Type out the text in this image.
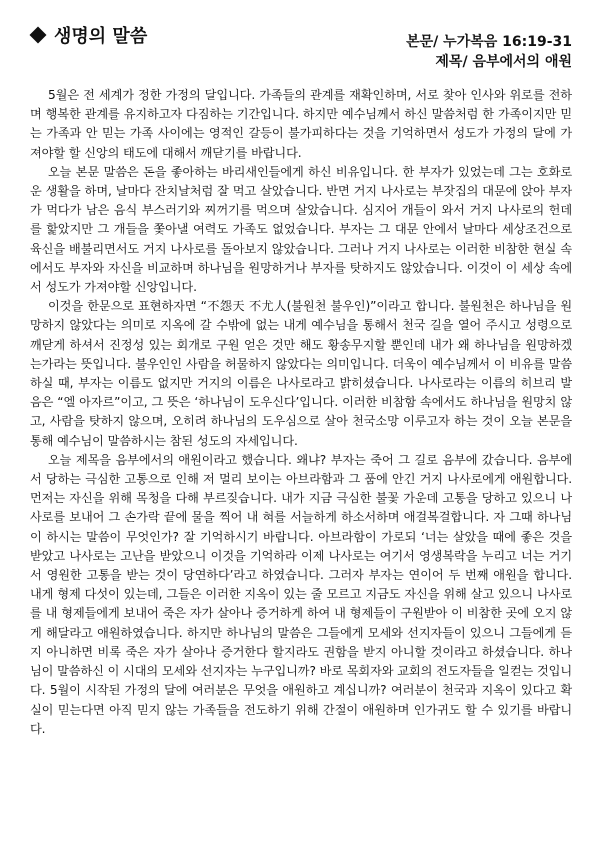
생명의 말씀	본문/ 누가복음 16:19-31
제목/ 음부에서의 애원

5월은 전 세계가 정한 가정의 달입니다. 가족들의 관계를 재확인하며, 서로 찾아 인사와 위로를 전하며 행복한 관계를 유지하고자 다짐하는 기간입니다. 하지만 예수님께서 하신 말씀처럼 한 가족이지만 믿는 가족과 안 믿는 가족 사이에는 영적인 갈등이 불가피하다는 것을 기억하면서 성도가 가정의 달에 가져야할 할 신앙의 태도에 대해서 깨닫기를 바랍니다.

오늘 본문 말씀은 돈을 좋아하는 바리새인들에게 하신 비유입니다. 한 부자가 있었는데 그는 호화로운 생활을 하며, 날마다 잔치날처럼 잘 먹고 살았습니다. 반면 거지 나사로는 부잣집의 대문에 앉아 부자가 먹다가 남은 음식 부스러기와 찌꺼기를 먹으며 살았습니다. 심지어 개들이 와서 거지 나사로의 헌데를 핥았지만 그 개들을 쫓아낼 여력도 가족도 없었습니다. 부자는 그 대문 안에서 날마다 세상조건으로 육신을 배불리면서도 거지 나사로를 돌아보지 않았습니다. 그러나 거지 나사로는 이러한 비참한 현실 속에서도 부자와 자신을 비교하며 하나님을 원망하거나 부자를 탓하지도 않았습니다. 이것이 이 세상 속에서 성도가 가져야할 신앙입니다.

이것을 한문으로 표현하자면 “不怨天 不尤人(불원천 불우인)”이라고 합니다. 불원천은 하나님을 원망하지 않았다는 의미로 지옥에 갈 수밖에 없는 내게 예수님을 통해서 천국 길을 열어 주시고 성령으로 깨닫게 하셔서 진정성 있는 회개로 구원 얻은 것만 해도 황송무지할 뿐인데 내가 왜 하나님을 원망하겠는가라는 뜻입니다. 불우인인 사람을 허물하지 않았다는 의미입니다. 더욱이 예수님께서 이 비유를 말씀하실 때, 부자는 이름도 없지만 거지의 이름은 나사로라고 밝히셨습니다. 나사로라는 이름의 히브리 발음은 “엘 아자르”이고, 그 뜻은 ‘하나님이 도우신다’입니다. 이러한 비참함 속에서도 하나님을 원망치 않고, 사람을 탓하지 않으며, 오히려 하나님의 도우심으로 살아 천국소망 이루고자 하는 것이 오늘 본문을 통해 예수님이 말씀하시는 참된 성도의 자세입니다.

오늘 제목을 음부에서의 애원이라고 했습니다. 왜냐? 부자는 죽어 그 길로 음부에 갔습니다. 음부에서 당하는 극심한 고통으로 인해 저 멀리 보이는 아브라함과 그 품에 안긴 거지 나사로에게 애원합니다. 먼저는 자신을 위해 목청을 다해 부르짖습니다. 내가 지금 극심한 불꽃 가운데 고통을 당하고 있으니 나사로를 보내어 그 손가락 끝에 물을 찍어 내 혀를 서늘하게 하소서하며 애걸복걸합니다. 자 그때 하나님이 하시는 말씀이 무엇인가? 잘 기억하시기 바랍니다. 아브라함이 가로되 ‘너는 살았을 때에 좋은 것을 받았고 나사로는 고난을 받았으니 이것을 기억하라 이제 나사로는 여기서 영생복락을 누리고 너는 거기서 영원한 고통을 받는 것이 당연하다’라고 하였습니다. 그러자 부자는 연이어 두 번째 애원을 합니다. 내게 형제 다섯이 있는데, 그들은 이러한 지옥이 있는 줄 모르고 지금도 자신을 위해 살고 있으니 나사로를 내 형제들에게 보내어 죽은 자가 살아나 증거하게 하여 내 형제들이 구원받아 이 비참한 곳에 오지 않게 해달라고 애원하였습니다. 하지만 하나님의 말씀은 그들에게 모세와 선지자들이 있으니 그들에게 듣지 아니하면 비록 죽은 자가 살아나 증거한다 할지라도 권함을 받지 아니할 것이라고 하셨습니다. 하나님이 말씀하신 이 시대의 모세와 선지자는 누구입니까? 바로 목회자와 교회의 전도자들을 일컫는 것입니다. 5월이 시작된 가정의 달에 여러분은 무엇을 애원하고 계십니까? 여러분이 천국과 지옥이 있다고 확실이 믿는다면 아직 믿지 않는 가족들을 전도하기 위해 간절이 애원하며 인가귀도 할 수 있기를 바랍니다.
